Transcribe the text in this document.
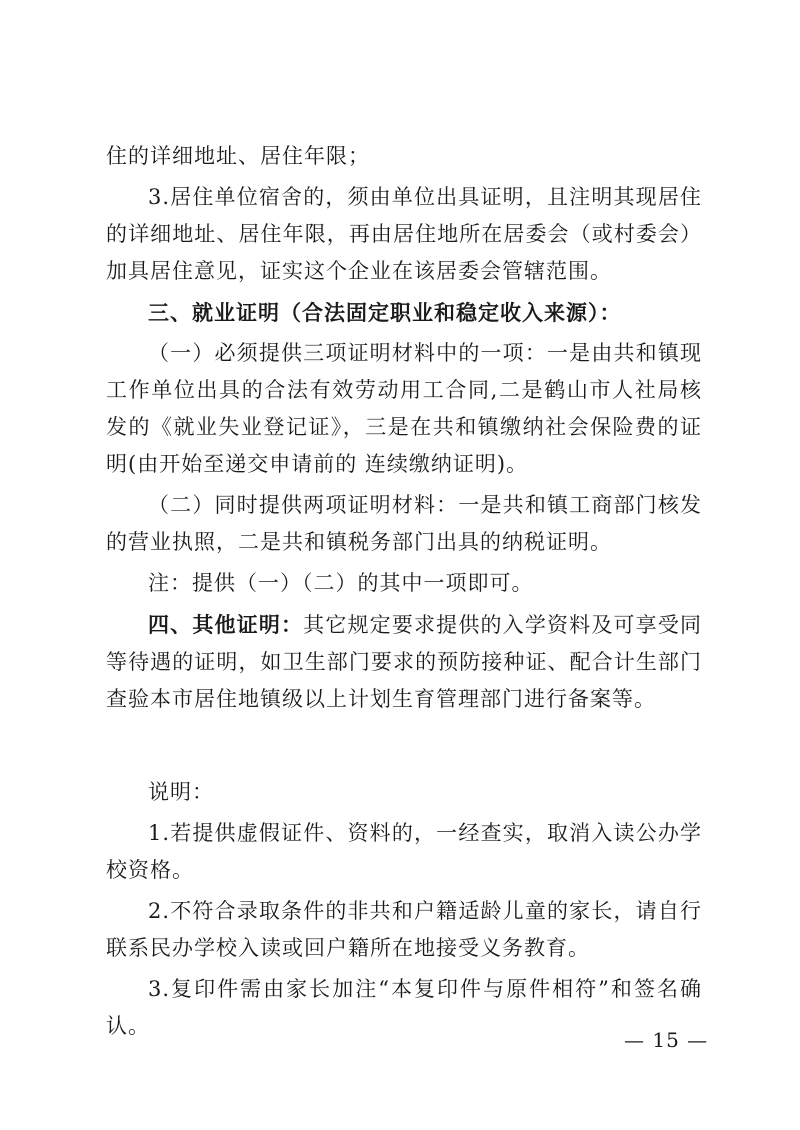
住的详细地址、居住年限；

3.居住单位宿舍的，须由单位出具证明，且注明其现居住的详细地址、居住年限，再由居住地所在居委会（或村委会）加具居住意见，证实这个企业在该居委会管辖范围。

三、就业证明（合法固定职业和稳定收入来源）：

（一）必须提供三项证明材料中的一项：一是由共和镇现工作单位出具的合法有效劳动用工合同,二是鹤山市人社局核发的《就业失业登记证》，三是在共和镇缴纳社会保险费的证明(由开始至递交申请前的 连续缴纳证明)。

（二）同时提供两项证明材料：一是共和镇工商部门核发的营业执照，二是共和镇税务部门出具的纳税证明。

注：提供（一）（二）的其中一项即可。

四、其他证明：其它规定要求提供的入学资料及可享受同等待遇的证明，如卫生部门要求的预防接种证、配合计生部门查验本市居住地镇级以上计划生育管理部门进行备案等。

说明：

1.若提供虚假证件、资料的，一经查实，取消入读公办学校资格。

2.不符合录取条件的非共和户籍适龄儿童的家长，请自行联系民办学校入读或回户籍所在地接受义务教育。

3.复印件需由家长加注“本复印件与原件相符”和签名确认。

— 15 —
